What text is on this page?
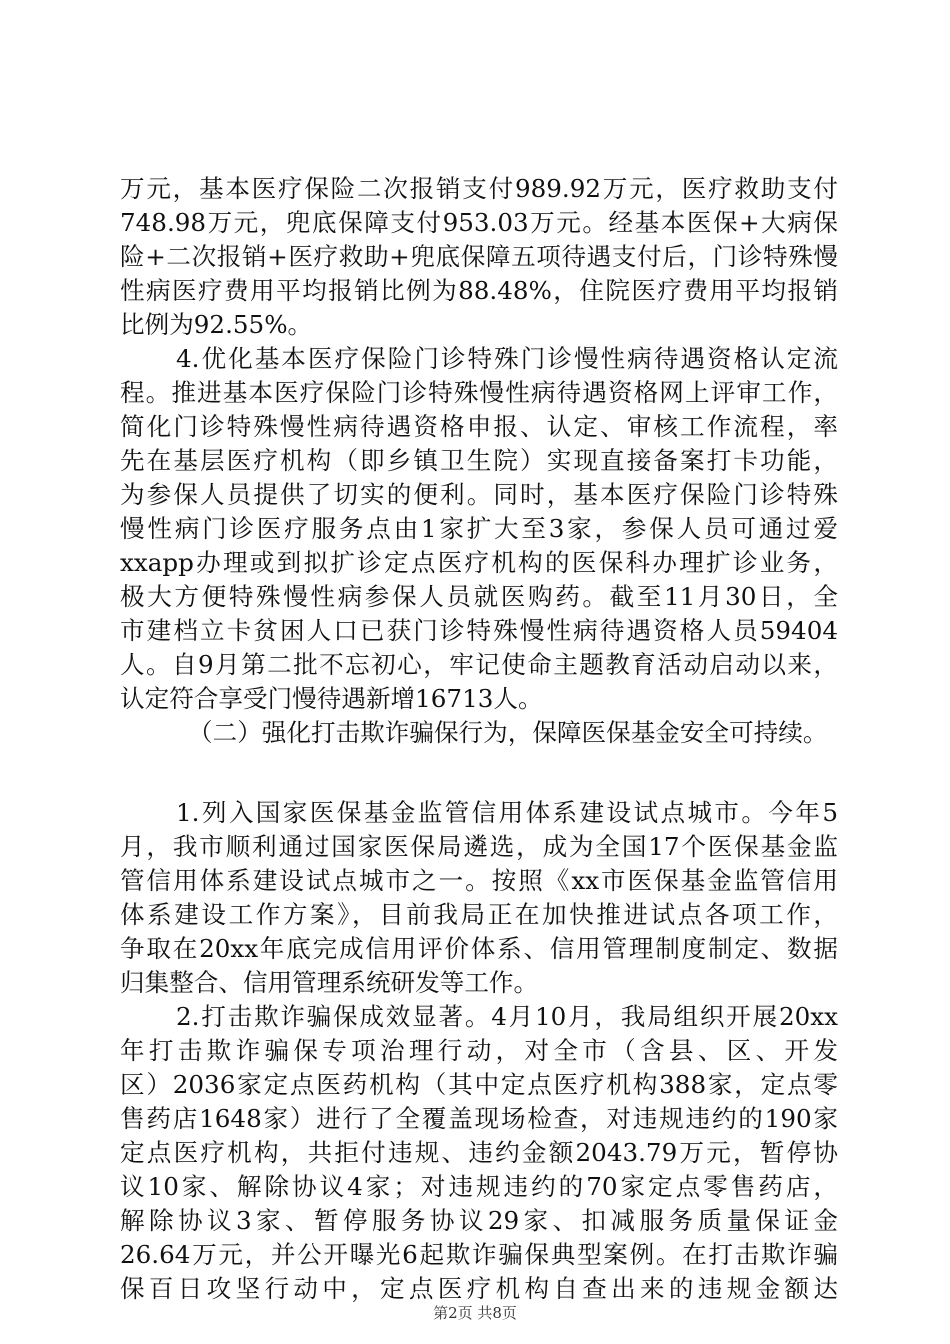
万元，基本医疗保险二次报销支付989.92万元，医疗救助支付
748.98万元，兜底保障支付953.03万元。经基本医保+大病保
险+二次报销+医疗救助+兜底保障五项待遇支付后，门诊特殊慢
性病医疗费用平均报销比例为88.48%，住院医疗费用平均报销
比例为92.55%。
4.优化基本医疗保险门诊特殊门诊慢性病待遇资格认定流
程。推进基本医疗保险门诊特殊慢性病待遇资格网上评审工作，
简化门诊特殊慢性病待遇资格申报、认定、审核工作流程，率
先在基层医疗机构（即乡镇卫生院）实现直接备案打卡功能，
为参保人员提供了切实的便利。同时，基本医疗保险门诊特殊
慢性病门诊医疗服务点由1家扩大至3家，参保人员可通过爱
xxapp办理或到拟扩诊定点医疗机构的医保科办理扩诊业务，
极大方便特殊慢性病参保人员就医购药。截至11月30日，全
市建档立卡贫困人口已获门诊特殊慢性病待遇资格人员59404
人。自9月第二批不忘初心，牢记使命主题教育活动启动以来，
认定符合享受门慢待遇新增16713人。
（二）强化打击欺诈骗保行为，保障医保基金安全可持续。
1.列入国家医保基金监管信用体系建设试点城市。今年5
月，我市顺利通过国家医保局遴选，成为全国17个医保基金监
管信用体系建设试点城市之一。按照《xx市医保基金监管信用
体系建设工作方案》，目前我局正在加快推进试点各项工作，
争取在20xx年底完成信用评价体系、信用管理制度制定、数据
归集整合、信用管理系统研发等工作。
2.打击欺诈骗保成效显著。4月10月，我局组织开展20xx
年打击欺诈骗保专项治理行动，对全市（含县、区、开发
区）2036家定点医药机构（其中定点医疗机构388家，定点零
售药店1648家）进行了全覆盖现场检查，对违规违约的190家
定点医疗机构，共拒付违规、违约金额2043.79万元，暂停协
议10家、解除协议4家；对违规违约的70家定点零售药店，
解除协议3家、暂停服务协议29家、扣减服务质量保证金
26.64万元，并公开曝光6起欺诈骗保典型案例。在打击欺诈骗
保百日攻坚行动中，定点医疗机构自查出来的违规金额达
第2页 共8页
